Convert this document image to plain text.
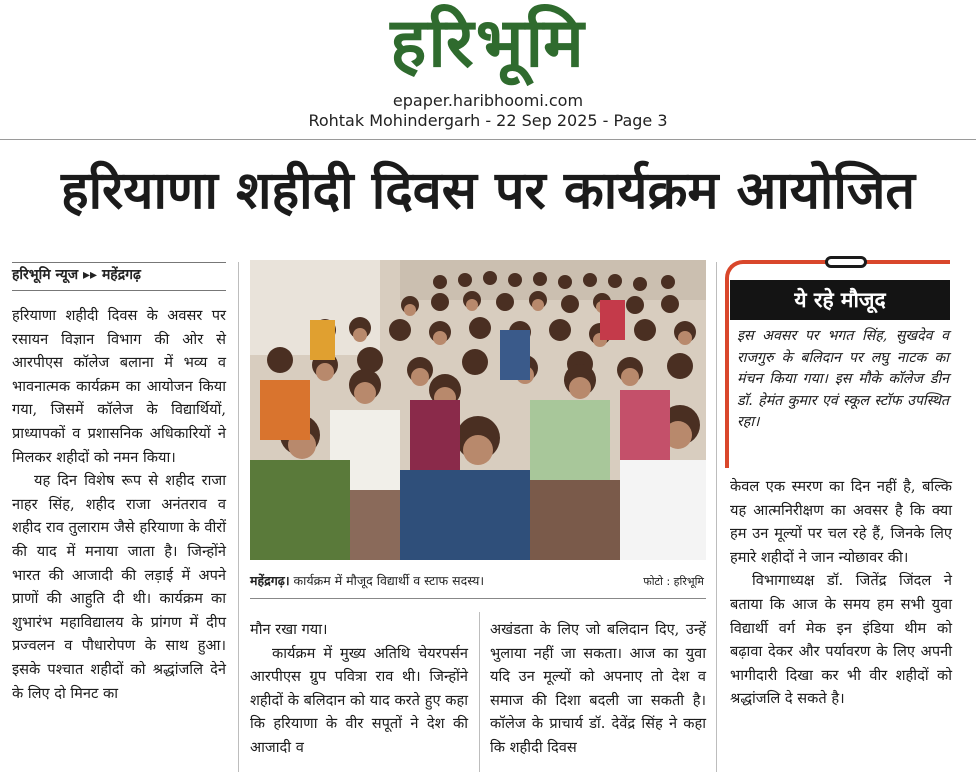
हरिभूमि
epaper.haribhoomi.com
Rohtak Mohindergarh - 22 Sep 2025 - Page 3
हरियाणा शहीदी दिवस पर कार्यक्रम आयोजित
हरिभूमि न्यूज ▸▸ महेंद्रगढ़

हरियाणा शहीदी दिवस के अवसर पर रसायन विज्ञान विभाग की ओर से आरपीएस कॉलेज बलाना में भव्य व भावनात्मक कार्यक्रम का आयोजन किया गया, जिसमें कॉलेज के विद्यार्थियों, प्राध्यापकों व प्रशासनिक अधिकारियों ने मिलकर शहीदों को नमन किया।

यह दिन विशेष रूप से शहीद राजा नाहर सिंह, शहीद राजा अनंतराव व शहीद राव तुलाराम जैसे हरियाणा के वीरों की याद में मनाया जाता है। जिन्होंने भारत की आजादी की लड़ाई में अपने प्राणों की आहुति दी थी। कार्यक्रम का शुभारंभ महाविद्यालय के प्रांगण में दीप प्रज्वलन व पौधारोपण के साथ हुआ। इसके पश्चात शहीदों को श्रद्धांजलि देने के लिए दो मिनट का

महेंद्रगढ़। कार्यक्रम में मौजूद विद्यार्थी व स्टाफ सदस्य।	फोटो : हरिभूमि

मौन रखा गया।

कार्यक्रम में मुख्य अतिथि चेयरपर्सन आरपीएस ग्रुप पवित्रा राव थी। जिन्होंने शहीदों के बलिदान को याद करते हुए कहा कि हरियाणा के वीर सपूतों ने देश की आजादी व

अखंडता के लिए जो बलिदान दिए, उन्हें भुलाया नहीं जा सकता। आज का युवा यदि उन मूल्यों को अपनाए तो देश व समाज की दिशा बदली जा सकती है। कॉलेज के प्राचार्य डॉ. देवेंद्र सिंह ने कहा कि शहीदी दिवस

ये रहे मौजूद
इस अवसर पर भगत सिंह, सुखदेव व राजगुरु के बलिदान पर लघु नाटक का मंचन किया गया। इस मौके कॉलेज डीन डॉ. हेमंत कुमार एवं स्कूल स्टॉफ उपस्थित रहा।

केवल एक स्मरण का दिन नहीं है, बल्कि यह आत्मनिरीक्षण का अवसर है कि क्या हम उन मूल्यों पर चल रहे हैं, जिनके लिए हमारे शहीदों ने जान न्योछावर की।

विभागाध्यक्ष डॉ. जितेंद्र जिंदल ने बताया कि आज के समय हम सभी युवा विद्यार्थी वर्ग मेक इन इंडिया थीम को बढ़ावा देकर और पर्यावरण के लिए अपनी भागीदारी दिखा कर भी वीर शहीदों को श्रद्धांजलि दे सकते है।
